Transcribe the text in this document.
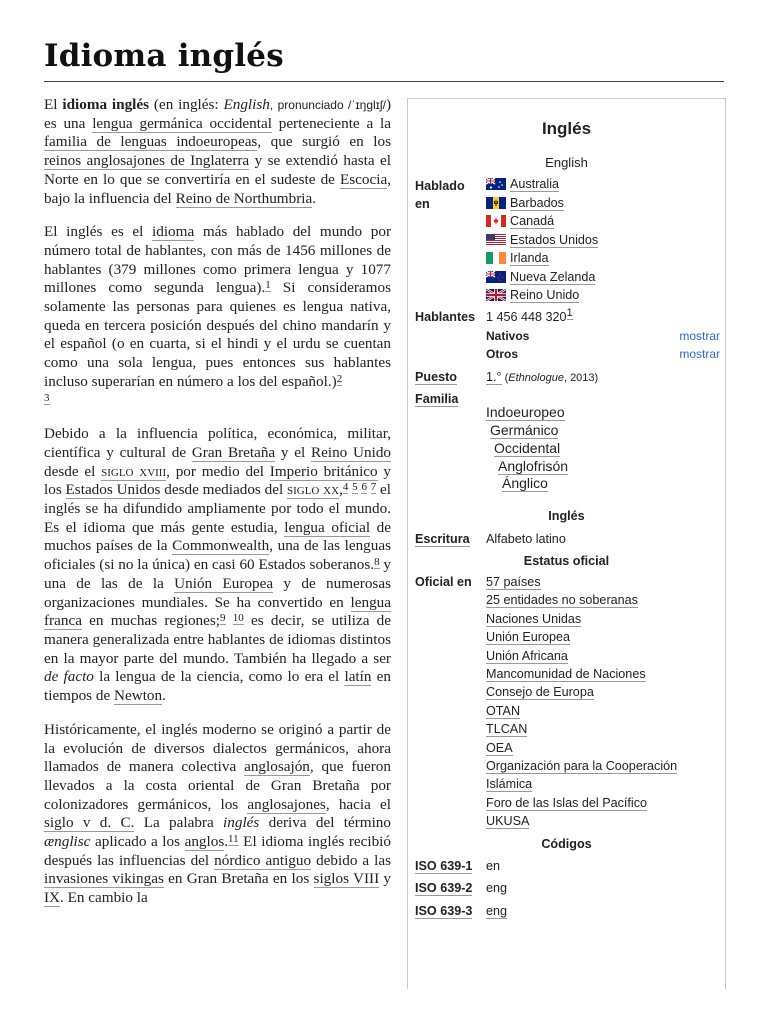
Idioma inglés

El idioma inglés (en inglés: English, pronunciado /ˈɪŋɡlɪʃ/) es una lengua germánica occidental perteneciente a la familia de lenguas indoeuropeas, que surgió en los reinos anglosajones de Inglaterra y se extendió hasta el Norte en lo que se convertiría en el sudeste de Escocia, bajo la influencia del Reino de Northumbria.

El inglés es el idioma más hablado del mundo por número total de hablantes, con más de 1456 millones de hablantes (379 millones como primera lengua y 1077 millones como segunda lengua).$^1$ Si consideramos solamente las personas para quienes es lengua nativa, queda en tercera posición después del chino mandarín y el español (o en cuarta, si el hindi y el urdu se cuentan como una sola lengua, pues entonces sus hablantes incluso superarían en número a los del español.)$^2$
$^3$

Debido a la influencia política, económica, militar, científica y cultural de Gran Bretaña y el Reino Unido desde el siglo xviii, por medio del Imperio británico y los Estados Unidos desde mediados del siglo xx,$^4$ $^5$ $^6$ $^7$ el inglés se ha difundido ampliamente por todo el mundo. Es el idioma que más gente estudia, lengua oficial de muchos países de la Commonwealth, una de las lenguas oficiales (si no la única) en casi 60 Estados soberanos.$^8$ y una de las de la Unión Europea y de numerosas organizaciones mundiales. Se ha convertido en lengua franca en muchas regiones;$^9$ $^{10}$ es decir, se utiliza de manera generalizada entre hablantes de idiomas distintos en la mayor parte del mundo. También ha llegado a ser de facto la lengua de la ciencia, como lo era el latín en tiempos de Newton.

Históricamente, el inglés moderno se originó a partir de la evolución de diversos dialectos germánicos, ahora llamados de manera colectiva anglosajón, que fueron llevados a la costa oriental de Gran Bretaña por colonizadores germánicos, los anglosajones, hacia el siglo v d. C. La palabra inglés deriva del término ænglisc aplicado a los anglos.$^{11}$ El idioma inglés recibió después las influencias del nórdico antiguo debido a las invasiones vikingas en Gran Bretaña en los siglos VIII y IX. En cambio la

Inglés
English
Hablado en
Australia
Barbados
Canadá
Estados Unidos
Irlanda
Nueva Zelanda
Reino Unido
Hablantes 1 456 448 3201
Nativos	mostrar
Otros	mostrar
Puesto 1.° (Ethnologue, 2013)
Familia
Indoeuropeo
Germánico
Occidental
Anglofrisón
Ánglico
Inglés
Escritura Alfabeto latino
Estatus oficial
Oficial en 57 países
25 entidades no soberanas
Naciones Unidas
Unión Europea
Unión Africana
Mancomunidad de Naciones
Consejo de Europa
OTAN
TLCAN
OEA
Organización para la Cooperación
Islámica
Foro de las Islas del Pacífico
UKUSA
Códigos
ISO 639-1 en
ISO 639-2 eng
ISO 639-3 eng
